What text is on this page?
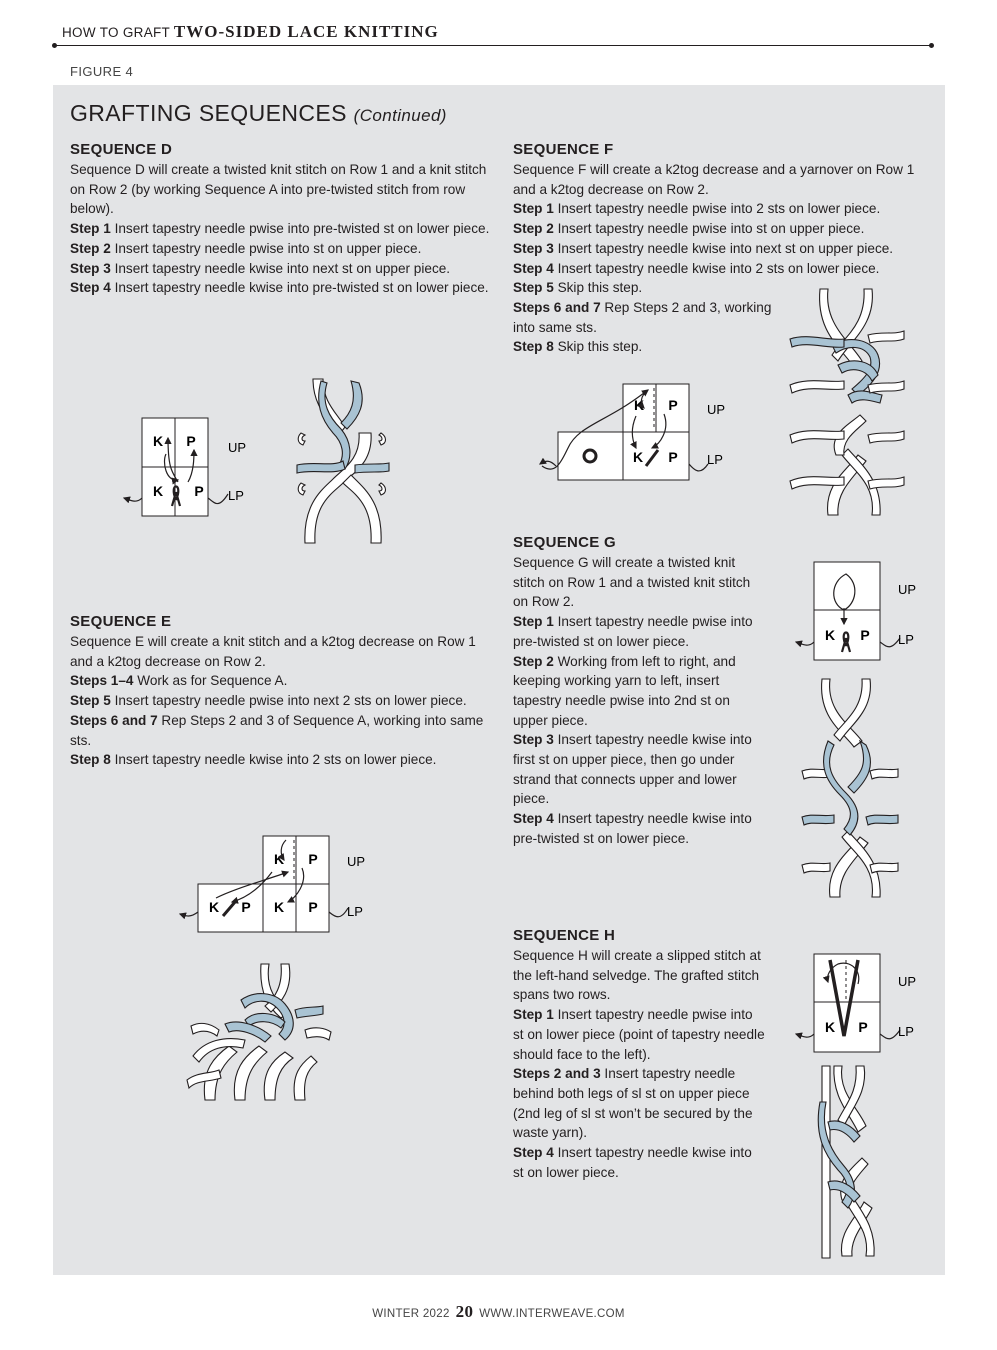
HOW TO GRAFT TWO-SIDED LACE KNITTING
FIGURE 4
GRAFTING SEQUENCES (Continued)
SEQUENCE D

Sequence D will create a twisted knit stitch on Row 1 and a knit stitch on Row 2 (by working Sequence A into pre-twisted stitch from row below).

Step 1 Insert tapestry needle pwise into pre-twisted st on lower piece.

Step 2 Insert tapestry needle pwise into st on upper piece.

Step 3 Insert tapestry needle kwise into next st on upper piece.

Step 4 Insert tapestry needle kwise into pre-twisted st on lower piece.

SEQUENCE E

Sequence E will create a knit stitch and a k2tog decrease on Row 1 and a k2tog decrease on Row 2.

Steps 1–4 Work as for Sequence A.

Step 5 Insert tapestry needle pwise into next 2 sts on lower piece.

Steps 6 and 7 Rep Steps 2 and 3 of Sequence A, working into same sts.

Step 8 Insert tapestry needle kwise into 2 sts on lower piece.

SEQUENCE F

Sequence F will create a k2tog decrease and a yarnover on Row 1 and a k2tog decrease on Row 2.

Step 1 Insert tapestry needle pwise into 2 sts on lower piece.

Step 2 Insert tapestry needle pwise into st on upper piece.

Step 3 Insert tapestry needle kwise into next st on upper piece.

Step 4 Insert tapestry needle kwise into 2 sts on lower piece.

Step 5 Skip this step.

Steps 6 and 7 Rep Steps 2 and 3, working into same sts.

Step 8 Skip this step.

SEQUENCE G

Sequence G will create a twisted knit stitch on Row 1 and a twisted knit stitch on Row 2.

Step 1 Insert tapestry needle pwise into pre-twisted st on lower piece.

Step 2 Working from left to right, and keeping working yarn to left, insert tapestry needle pwise into 2nd st on upper piece.

Step 3 Insert tapestry needle kwise into first st on upper piece, then go under strand that connects upper and lower piece.

Step 4 Insert tapestry needle kwise into pre-twisted st on lower piece.

SEQUENCE H

Sequence H will create a slipped stitch at the left-hand selvedge. The grafted stitch spans two rows.

Step 1 Insert tapestry needle pwise into st on lower piece (point of tapestry needle should face to the left).

Steps 2 and 3 Insert tapestry needle behind both legs of sl st on upper piece (2nd leg of sl st won’t be secured by the waste yarn).

Step 4 Insert tapestry needle kwise into st on lower piece.

K P
K P
UP
LP
K P
K P K P
UP
LP
K P
K P
UP
LP
K P
UP
LP
K P
UP
LP
WINTER 2022 20 WWW.INTERWEAVE.COM
